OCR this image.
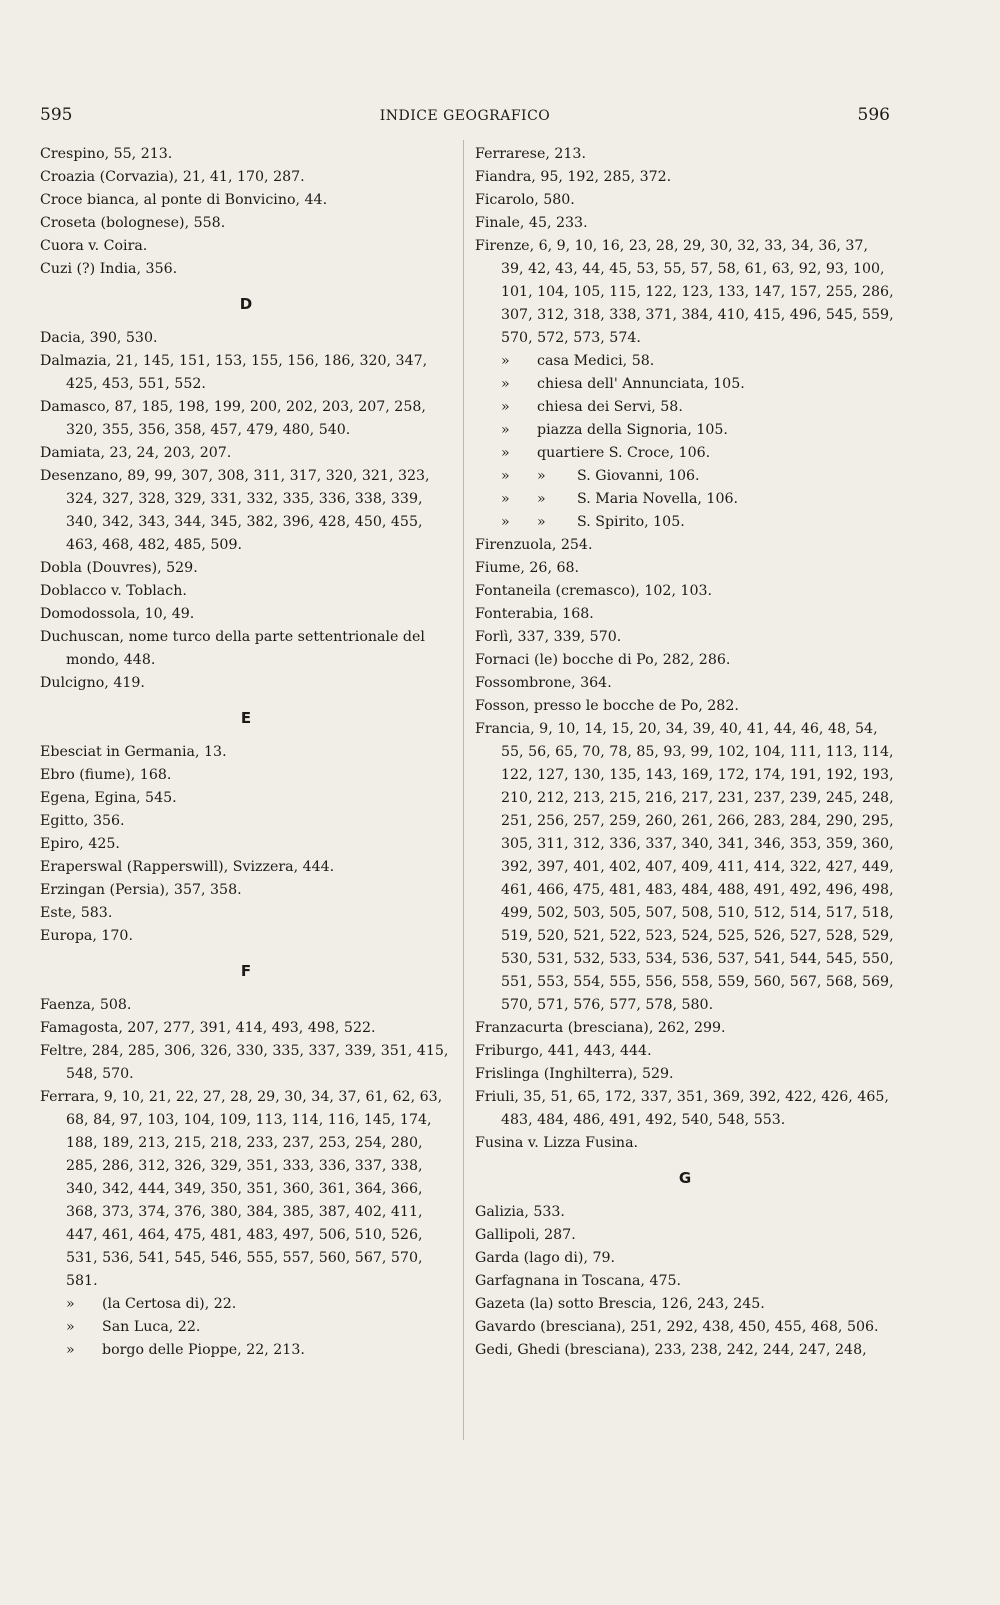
595	INDICE GEOGRAFICO	596
Crespino, 55, 213.
Croazia (Corvazia), 21, 41, 170, 287.
Croce bianca, al ponte di Bonvicino, 44.
Croseta (bolognese), 558.
Cuora v. Coira.
Cuzi (?) India, 356.
D
Dacia, 390, 530.
Dalmazia, 21, 145, 151, 153, 155, 156, 186, 320, 347, 425, 453, 551, 552.
Damasco, 87, 185, 198, 199, 200, 202, 203, 207, 258, 320, 355, 356, 358, 457, 479, 480, 540.
Damiata, 23, 24, 203, 207.
Desenzano, 89, 99, 307, 308, 311, 317, 320, 321, 323, 324, 327, 328, 329, 331, 332, 335, 336, 338, 339, 340, 342, 343, 344, 345, 382, 396, 428, 450, 455, 463, 468, 482, 485, 509.
Dobla (Douvres), 529.
Doblacco v. Toblach.
Domodossola, 10, 49.
Duchuscan, nome turco della parte settentrionale del mondo, 448.
Dulcigno, 419.
E
Ebesciat in Germania, 13.
Ebro (fiume), 168.
Egena, Egina, 545.
Egitto, 356.
Epiro, 425.
Eraperswal (Rapperswill), Svizzera, 444.
Erzingan (Persia), 357, 358.
Este, 583.
Europa, 170.
F
Faenza, 508.
Famagosta, 207, 277, 391, 414, 493, 498, 522.
Feltre, 284, 285, 306, 326, 330, 335, 337, 339, 351, 415, 548, 570.
Ferrara, 9, 10, 21, 22, 27, 28, 29, 30, 34, 37, 61, 62, 63, 68, 84, 97, 103, 104, 109, 113, 114, 116, 145, 174, 188, 189, 213, 215, 218, 233, 237, 253, 254, 280, 285, 286, 312, 326, 329, 351, 333, 336, 337, 338, 340, 342, 444, 349, 350, 351, 360, 361, 364, 366, 368, 373, 374, 376, 380, 384, 385, 387, 402, 411, 447, 461, 464, 475, 481, 483, 497, 506, 510, 526, 531, 536, 541, 545, 546, 555, 557, 560, 567, 570, 581.
» (la Certosa di), 22.
» San Luca, 22.
» borgo delle Pioppe, 22, 213.
Ferrarese, 213.
Fiandra, 95, 192, 285, 372.
Ficarolo, 580.
Finale, 45, 233.
Firenze, 6, 9, 10, 16, 23, 28, 29, 30, 32, 33, 34, 36, 37, 39, 42, 43, 44, 45, 53, 55, 57, 58, 61, 63, 92, 93, 100, 101, 104, 105, 115, 122, 123, 133, 147, 157, 255, 286, 307, 312, 318, 338, 371, 384, 410, 415, 496, 545, 559, 570, 572, 573, 574.
» casa Medici, 58.
» chiesa dell' Annunciata, 105.
» chiesa dei Servi, 58.
» piazza della Signoria, 105.
» quartiere S. Croce, 106.
» » S. Giovanni, 106.
» » S. Maria Novella, 106.
» » S. Spirito, 105.
Firenzuola, 254.
Fiume, 26, 68.
Fontaneila (cremasco), 102, 103.
Fonterabia, 168.
Forlì, 337, 339, 570.
Fornaci (le) bocche di Po, 282, 286.
Fossombrone, 364.
Fosson, presso le bocche de Po, 282.
Francia, 9, 10, 14, 15, 20, 34, 39, 40, 41, 44, 46, 48, 54, 55, 56, 65, 70, 78, 85, 93, 99, 102, 104, 111, 113, 114, 122, 127, 130, 135, 143, 169, 172, 174, 191, 192, 193, 210, 212, 213, 215, 216, 217, 231, 237, 239, 245, 248, 251, 256, 257, 259, 260, 261, 266, 283, 284, 290, 295, 305, 311, 312, 336, 337, 340, 341, 346, 353, 359, 360, 392, 397, 401, 402, 407, 409, 411, 414, 322, 427, 449, 461, 466, 475, 481, 483, 484, 488, 491, 492, 496, 498, 499, 502, 503, 505, 507, 508, 510, 512, 514, 517, 518, 519, 520, 521, 522, 523, 524, 525, 526, 527, 528, 529, 530, 531, 532, 533, 534, 536, 537, 541, 544, 545, 550, 551, 553, 554, 555, 556, 558, 559, 560, 567, 568, 569, 570, 571, 576, 577, 578, 580.
Franzacurta (bresciana), 262, 299.
Friburgo, 441, 443, 444.
Frislinga (Inghilterra), 529.
Friuli, 35, 51, 65, 172, 337, 351, 369, 392, 422, 426, 465, 483, 484, 486, 491, 492, 540, 548, 553.
Fusina v. Lizza Fusina.
G
Galizia, 533.
Gallipoli, 287.
Garda (lago di), 79.
Garfagnana in Toscana, 475.
Gazeta (la) sotto Brescia, 126, 243, 245.
Gavardo (bresciana), 251, 292, 438, 450, 455, 468, 506.
Gedi, Ghedi (bresciana), 233, 238, 242, 244, 247, 248,
